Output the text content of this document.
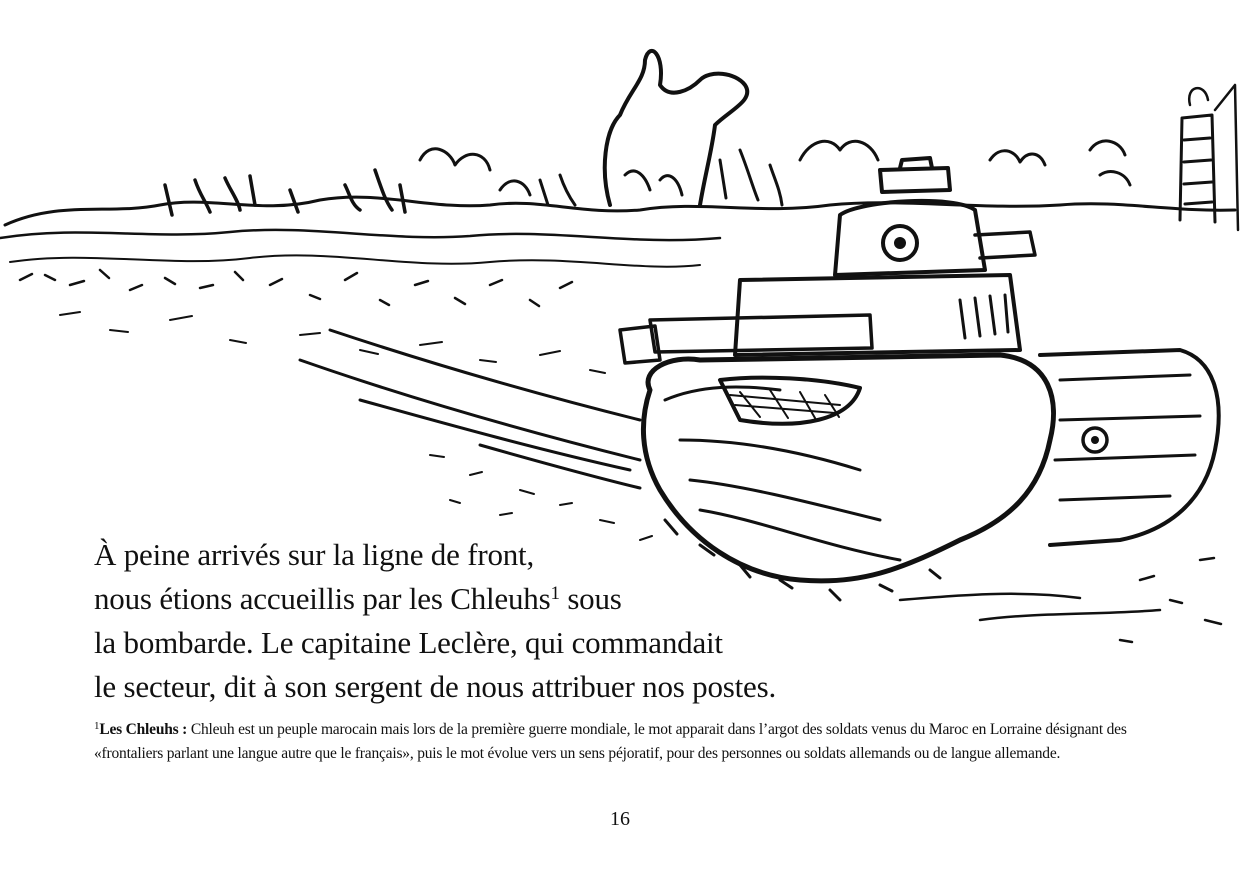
À peine arrivés sur la ligne de front,
nous étions accueillis par les Chleuhs$^1$ sous
la bombarde. Le capitaine Leclère, qui commandait
le secteur, dit à son sergent de nous attribuer nos postes.
$^1$Les Chleuhs : Chleuh est un peuple marocain mais lors de la première guerre mondiale, le mot apparait dans l’argot des soldats venus du Maroc en Lorraine désignant des «frontaliers parlant une langue autre que le français», puis le mot évolue vers un sens péjoratif, pour des personnes ou soldats allemands ou de langue allemande.
16
